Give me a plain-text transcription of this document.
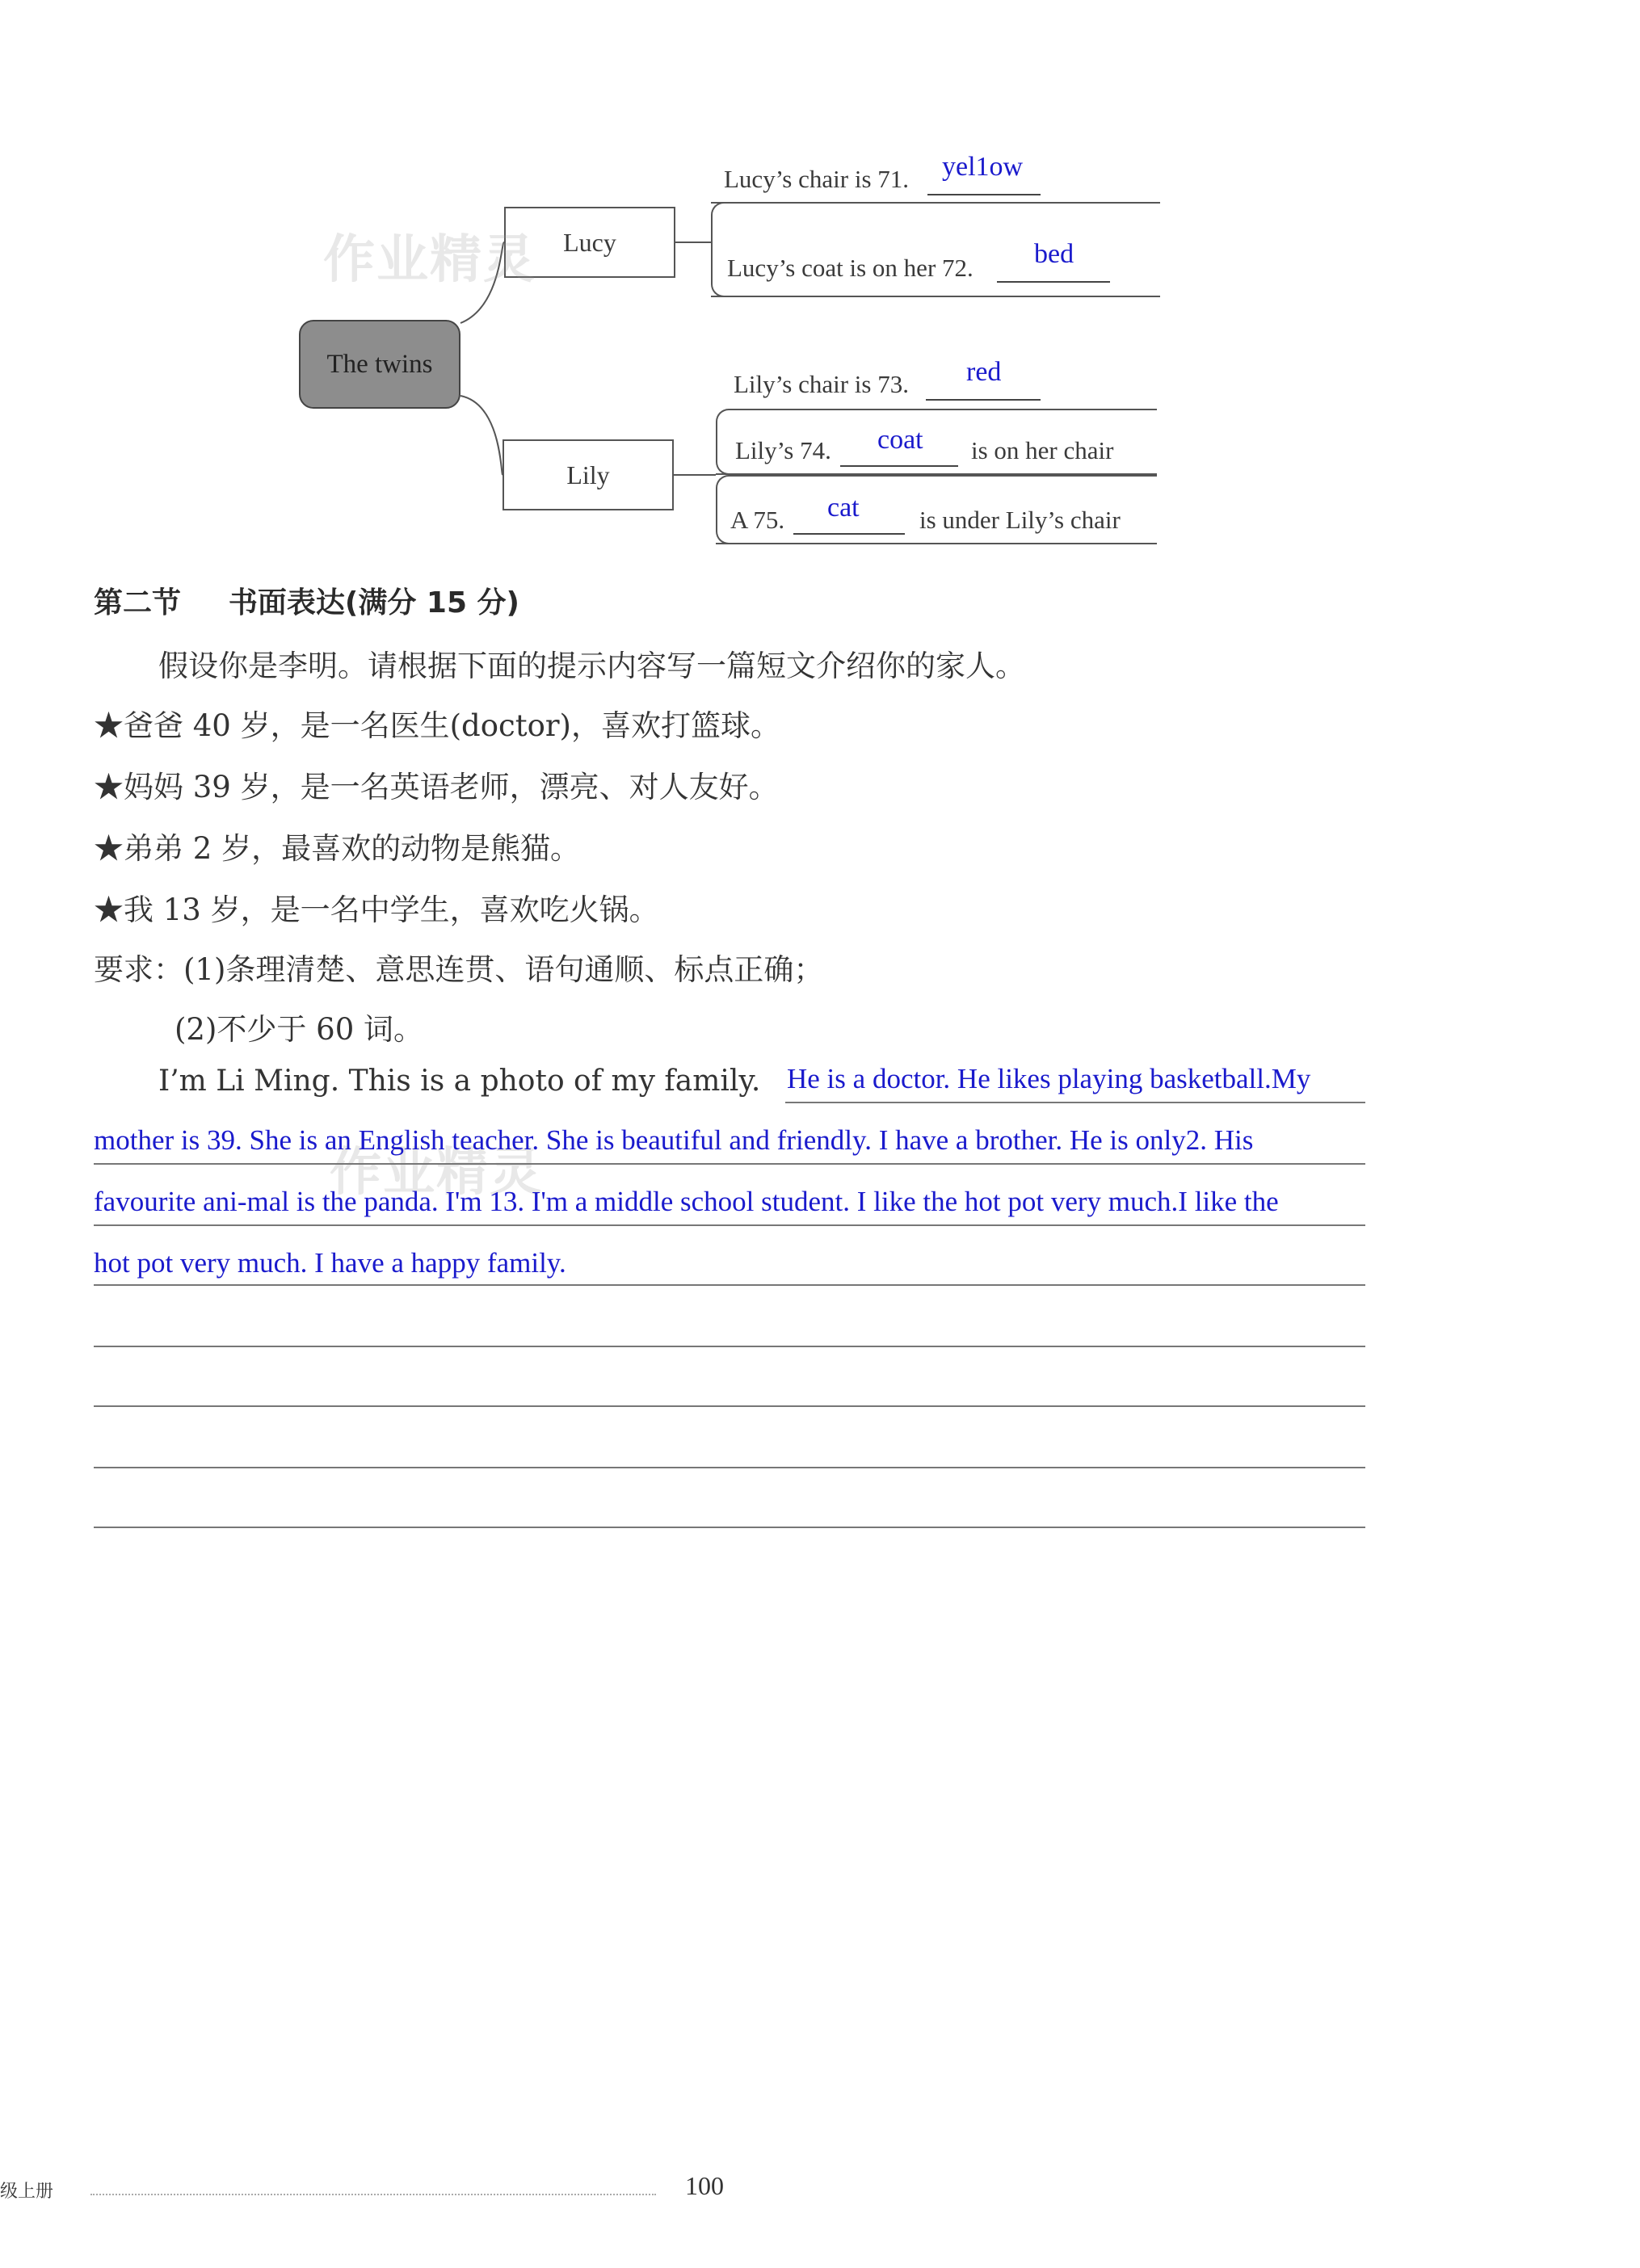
The twins
Lucy
Lily
Lucy’s chair is 71. yel1ow
Lucy’s coat is on her 72. bed
Lily’s chair is 73. red
Lily’s 74. coat is on her chair
A 75. cat is under Lily’s chair
作业精灵
作业精灵
第二节 书面表达(满分 15 分)
假设你是李明。请根据下面的提示内容写一篇短文介绍你的家人。
★爸爸 40 岁，是一名医生(doctor)，喜欢打篮球。
★妈妈 39 岁，是一名英语老师，漂亮、对人友好。
★弟弟 2 岁，最喜欢的动物是熊猫。
★我 13 岁，是一名中学生，喜欢吃火锅。
要求：(1)条理清楚、意思连贯、语句通顺、标点正确；
(2)不少于 60 词。
I’m Li Ming. This is a photo of my family. He is a doctor. He likes playing basketball.My
mother is 39. She is an English teacher. She is beautiful and friendly. I have a brother. He is only2. His
favourite ani-mal is the panda. I'm 13. I'm a middle school student. I like the hot pot very much.I like the
hot pot very much. I have a happy family.
级上册	100
